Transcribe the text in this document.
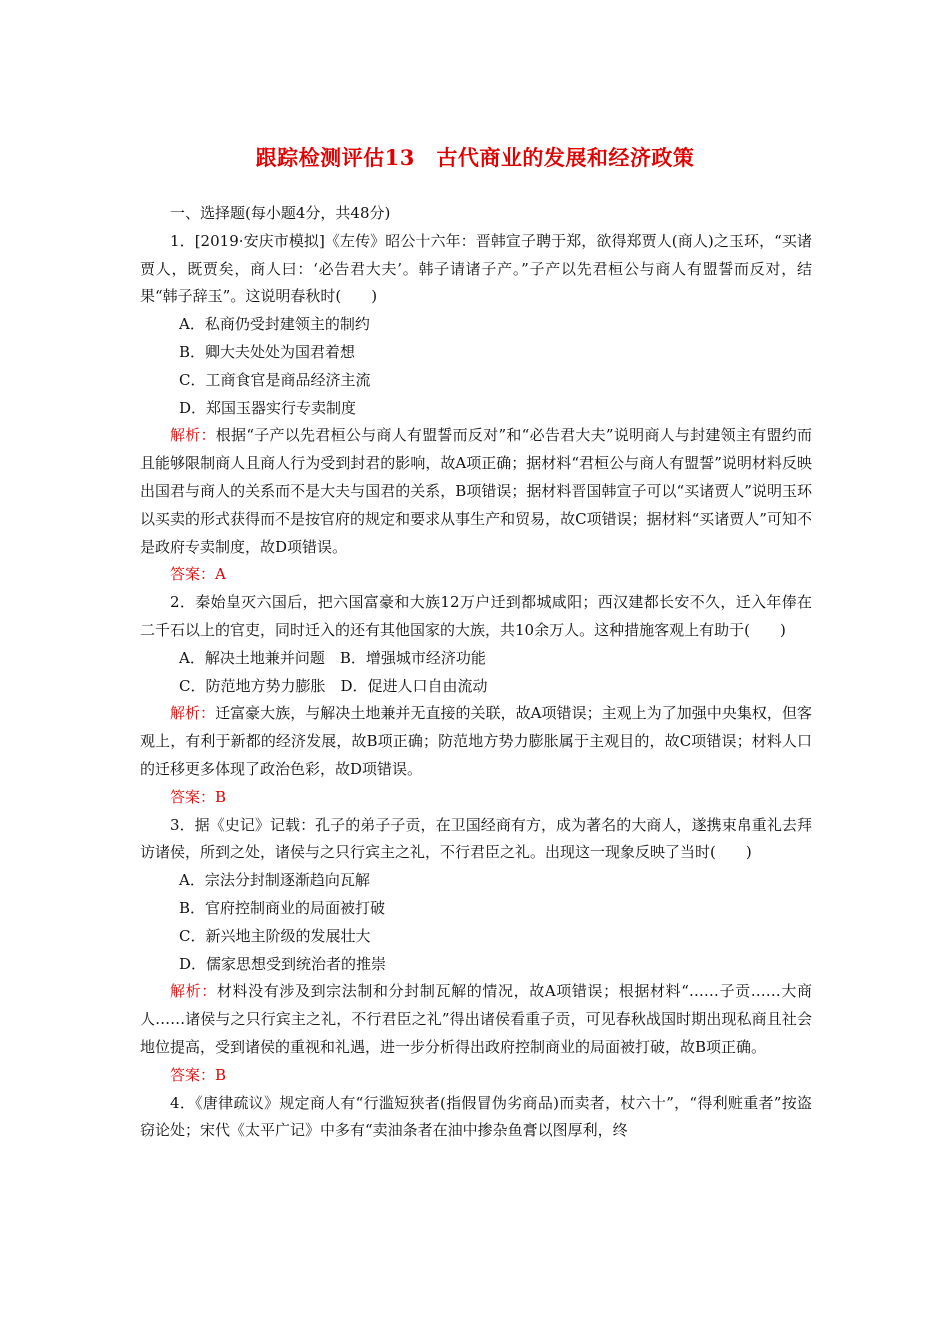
跟踪检测评估13　古代商业的发展和经济政策

一、选择题(每小题4分，共48分)

1．[2019·安庆市模拟]《左传》昭公十六年：晋韩宣子聘于郑，欲得郑贾人(商人)之玉环，“买诸贾人，既贾矣，商人曰：‘必告君大夫’。韩子请诸子产。”子产以先君桓公与商人有盟誓而反对，结果“韩子辞玉”。这说明春秋时(　　)

A．私商仍受封建领主的制约

B．卿大夫处处为国君着想

C．工商食官是商品经济主流

D．郑国玉器实行专卖制度

解析：根据“子产以先君桓公与商人有盟誓而反对”和“必告君大夫”说明商人与封建领主有盟约而且能够限制商人且商人行为受到封君的影响，故A项正确；据材料“君桓公与商人有盟誓”说明材料反映出国君与商人的关系而不是大夫与国君的关系，B项错误；据材料晋国韩宣子可以“买诸贾人”说明玉环以买卖的形式获得而不是按官府的规定和要求从事生产和贸易，故C项错误；据材料“买诸贾人”可知不是政府专卖制度，故D项错误。

答案：A

2．秦始皇灭六国后，把六国富豪和大族12万户迁到都城咸阳；西汉建都长安不久，迁入年俸在二千石以上的官吏，同时迁入的还有其他国家的大族，共10余万人。这种措施客观上有助于(　　)

A．解决土地兼并问题　B．增强城市经济功能

C．防范地方势力膨胀　D．促进人口自由流动

解析：迁富豪大族，与解决土地兼并无直接的关联，故A项错误；主观上为了加强中央集权，但客观上，有利于新都的经济发展，故B项正确；防范地方势力膨胀属于主观目的，故C项错误；材料人口的迁移更多体现了政治色彩，故D项错误。

答案：B

3．据《史记》记载：孔子的弟子子贡，在卫国经商有方，成为著名的大商人，遂携束帛重礼去拜访诸侯，所到之处，诸侯与之只行宾主之礼，不行君臣之礼。出现这一现象反映了当时(　　)

A．宗法分封制逐渐趋向瓦解

B．官府控制商业的局面被打破

C．新兴地主阶级的发展壮大

D．儒家思想受到统治者的推崇

解析：材料没有涉及到宗法制和分封制瓦解的情况，故A项错误；根据材料“……子贡……大商人……诸侯与之只行宾主之礼，不行君臣之礼”得出诸侯看重子贡，可见春秋战国时期出现私商且社会地位提高，受到诸侯的重视和礼遇，进一步分析得出政府控制商业的局面被打破，故B项正确。

答案：B

4．《唐律疏议》规定商人有“行滥短狭者(指假冒伪劣商品)而卖者，杖六十”，“得利赃重者”按盗窃论处；宋代《太平广记》中多有“卖油条者在油中掺杂鱼膏以图厚利，终
